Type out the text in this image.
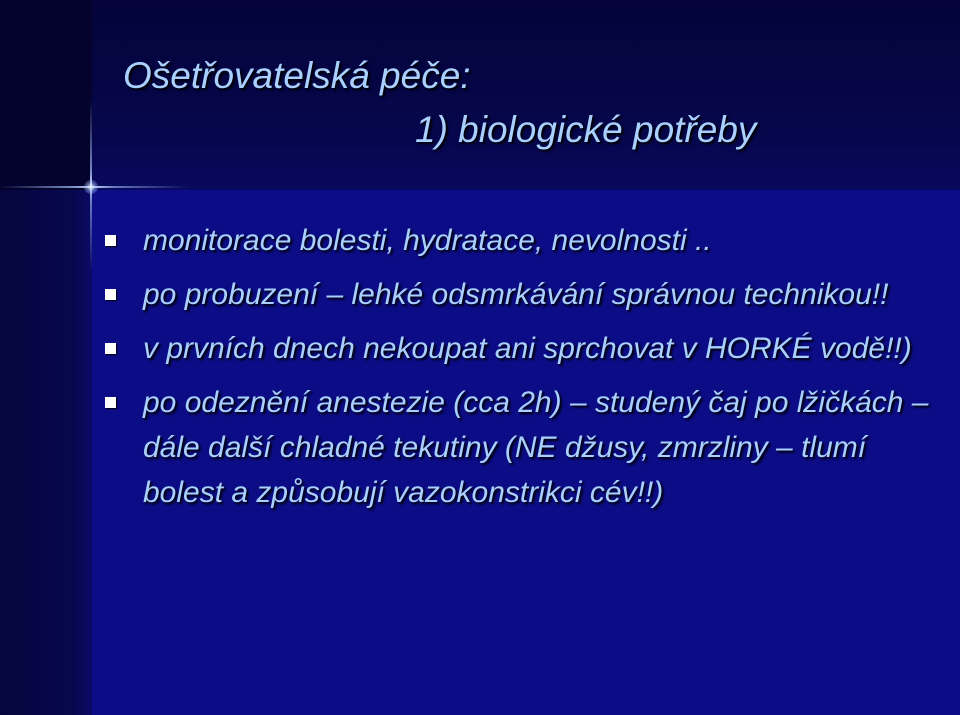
Ošetřovatelská péče:
1) biologické potřeby
monitorace bolesti, hydratace, nevolnosti ..
po probuzení – lehké odsmrkávání správnou technikou!!
v prvních dnech nekoupat ani sprchovat v HORKÉ vodě!!)
po odeznění anestezie (cca 2h) – studený čaj po lžičkách – dále další chladné tekutiny (NE džusy, zmrzliny – tlumí bolest a způsobují vazokonstrikci cév!!)
